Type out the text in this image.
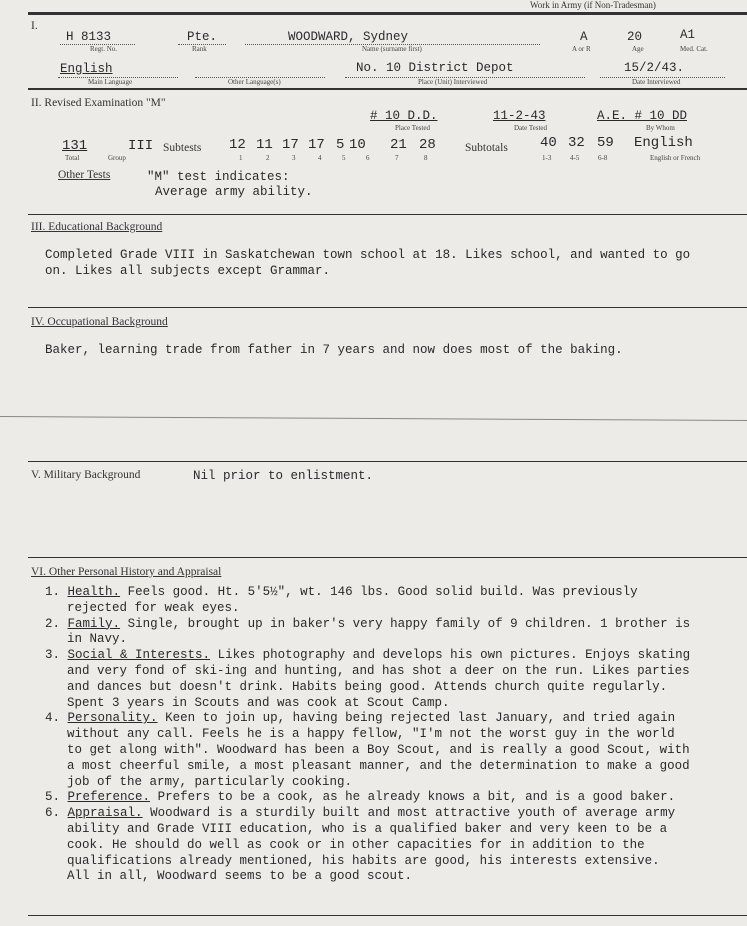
Work in Army (if Non-Tradesman)
I.
H 8133
Regt. No.
Pte.
Rank
WOODWARD, Sydney
Name (surname first)
A
A or R
20
Age
A1
Med. Cat.
English
Main Language	Other Language(s)
No. 10 District Depot
Place (Unit) Interviewed
15/2/43.
Date Interviewed
II. Revised Examination "M"
# 10 D.D.
Place Tested
11-2-43
Date Tested
A.E. # 10 DD
By Whom
131
Total
III
Group
Subtests 12 11 17 17 5 10 21 28
1	2	3	4	5	6	7	8
Subtotals 40 32 59
1-3	4-5	6-8
English
English or French
Other Tests	"M" test indicates:
Average army ability.
III. Educational Background
Completed Grade VIII in Saskatchewan town school at 18. Likes school, and wanted to go
on. Likes all subjects except Grammar.
IV. Occupational Background
Baker, learning trade from father in 7 years and now does most of the baking.
V. Military Background	Nil prior to enlistment.
VI. Other Personal History and Appraisal
1. Health. Feels good. Ht. 5'5½", wt. 146 lbs. Good solid build. Was previously
rejected for weak eyes.
2. Family. Single, brought up in baker's very happy family of 9 children. 1 brother is
in Navy.
3. Social & Interests. Likes photography and develops his own pictures. Enjoys skating
and very fond of ski-ing and hunting, and has shot a deer on the run. Likes parties
and dances but doesn't drink. Habits being good. Attends church quite regularly.
Spent 3 years in Scouts and was cook at Scout Camp.
4. Personality. Keen to join up, having being rejected last January, and tried again
without any call. Feels he is a happy fellow, "I'm not the worst guy in the world
to get along with". Woodward has been a Boy Scout, and is really a good Scout, with
a most cheerful smile, a most pleasant manner, and the determination to make a good
job of the army, particularly cooking.
5. Preference. Prefers to be a cook, as he already knows a bit, and is a good baker.
6. Appraisal. Woodward is a sturdily built and most attractive youth of average army
ability and Grade VIII education, who is a qualified baker and very keen to be a
cook. He should do well as cook or in other capacities for in addition to the
qualifications already mentioned, his habits are good, his interests extensive.
All in all, Woodward seems to be a good scout.
